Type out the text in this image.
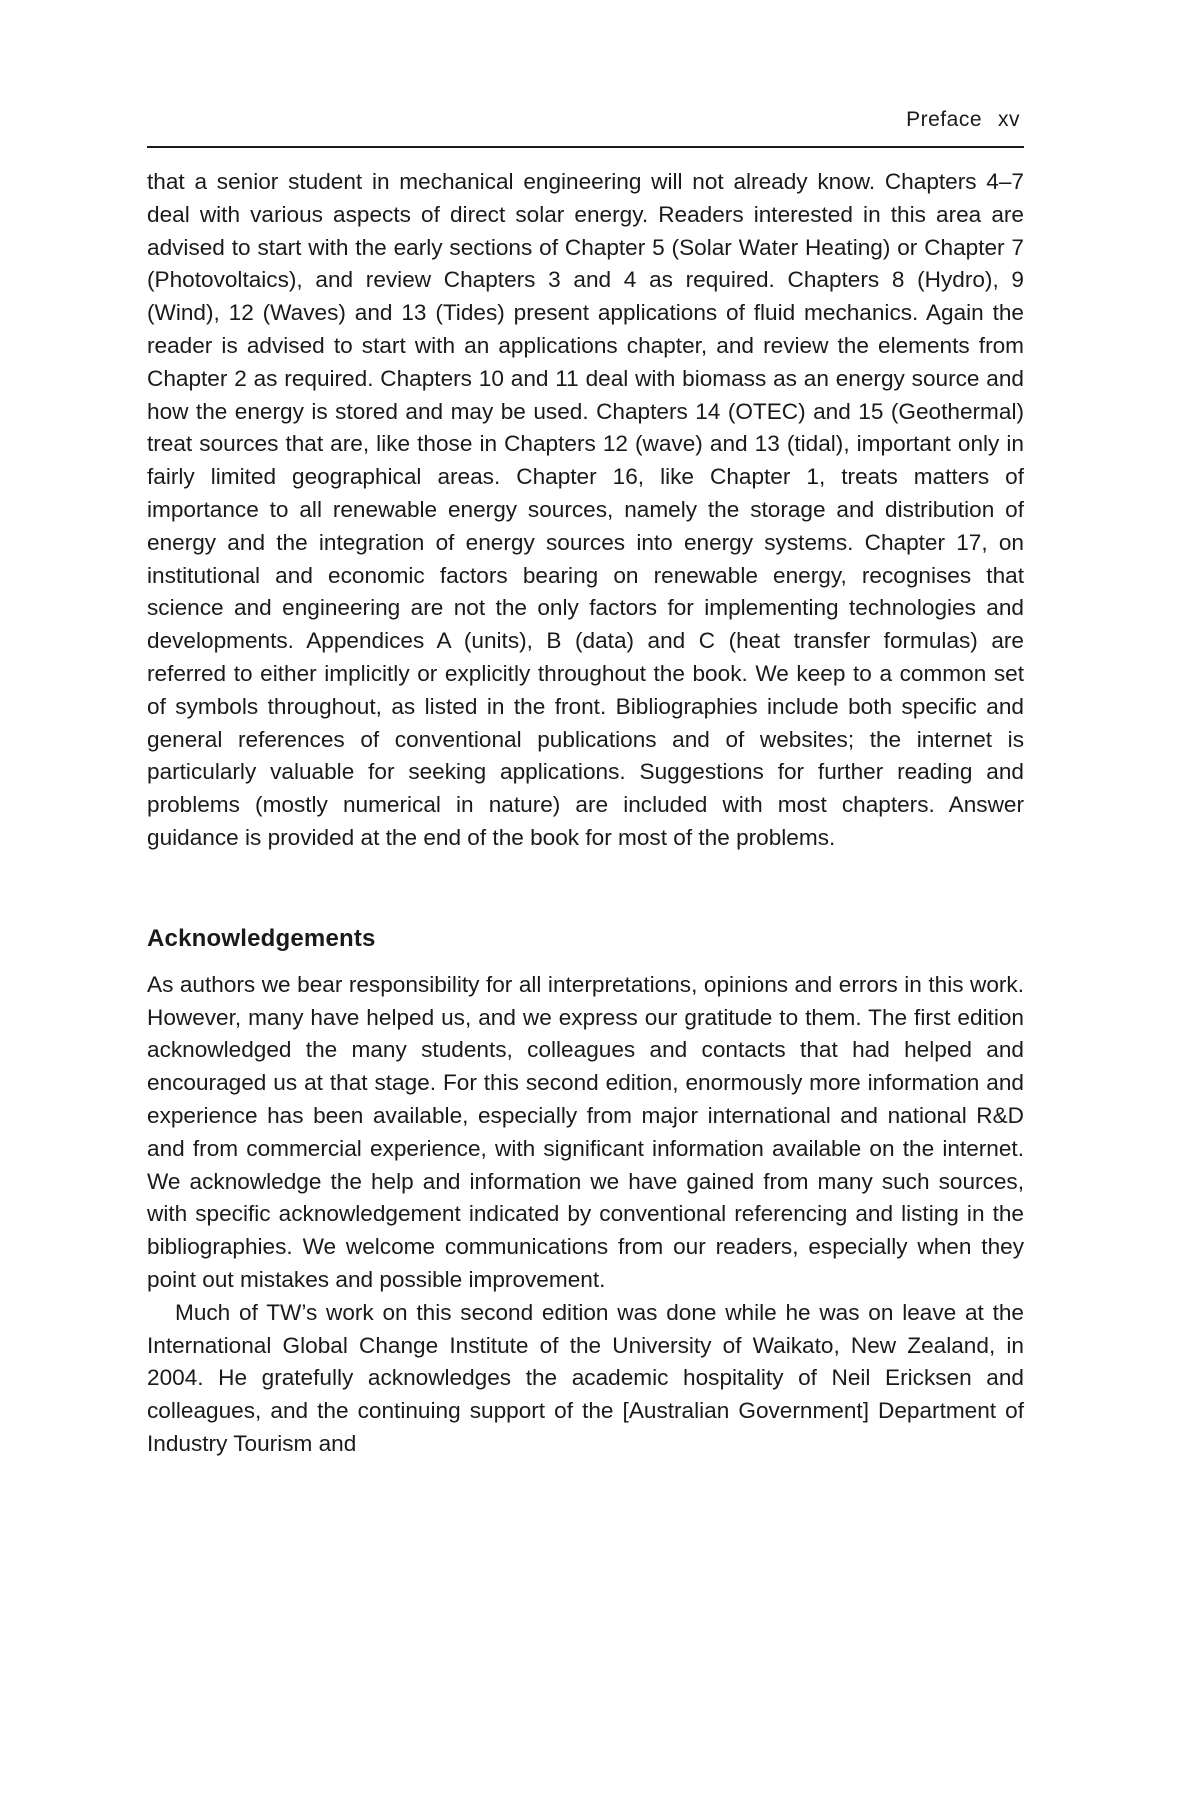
Preface xv

that a senior student in mechanical engineering will not already know. Chapters 4–7 deal with various aspects of direct solar energy. Readers interested in this area are advised to start with the early sections of Chapter 5 (Solar Water Heating) or Chapter 7 (Photovoltaics), and review Chapters 3 and 4 as required. Chapters 8 (Hydro), 9 (Wind), 12 (Waves) and 13 (Tides) present applications of fluid mechanics. Again the reader is advised to start with an applications chapter, and review the elements from Chapter 2 as required. Chapters 10 and 11 deal with biomass as an energy source and how the energy is stored and may be used. Chapters 14 (OTEC) and 15 (Geothermal) treat sources that are, like those in Chapters 12 (wave) and 13 (tidal), important only in fairly limited geographical areas. Chapter 16, like Chapter 1, treats matters of importance to all renewable energy sources, namely the storage and distribution of energy and the integration of energy sources into energy systems. Chapter 17, on institutional and economic factors bearing on renewable energy, recognises that science and engineering are not the only factors for implementing technologies and developments. Appendices A (units), B (data) and C (heat transfer formulas) are referred to either implicitly or explicitly throughout the book. We keep to a common set of symbols throughout, as listed in the front. Bibliographies include both specific and general references of conventional publications and of websites; the internet is particularly valuable for seeking applications. Suggestions for further reading and problems (mostly numerical in nature) are included with most chapters. Answer guidance is provided at the end of the book for most of the problems.

Acknowledgements

As authors we bear responsibility for all interpretations, opinions and errors in this work. However, many have helped us, and we express our gratitude to them. The first edition acknowledged the many students, colleagues and contacts that had helped and encouraged us at that stage. For this second edition, enormously more information and experience has been available, especially from major international and national R&D and from commercial experience, with significant information available on the internet. We acknowledge the help and information we have gained from many such sources, with specific acknowledgement indicated by conventional referencing and listing in the bibliographies. We welcome communications from our readers, especially when they point out mistakes and possible improvement.

Much of TW’s work on this second edition was done while he was on leave at the International Global Change Institute of the University of Waikato, New Zealand, in 2004. He gratefully acknowledges the academic hospitality of Neil Ericksen and colleagues, and the continuing support of the [Australian Government] Department of Industry Tourism and
